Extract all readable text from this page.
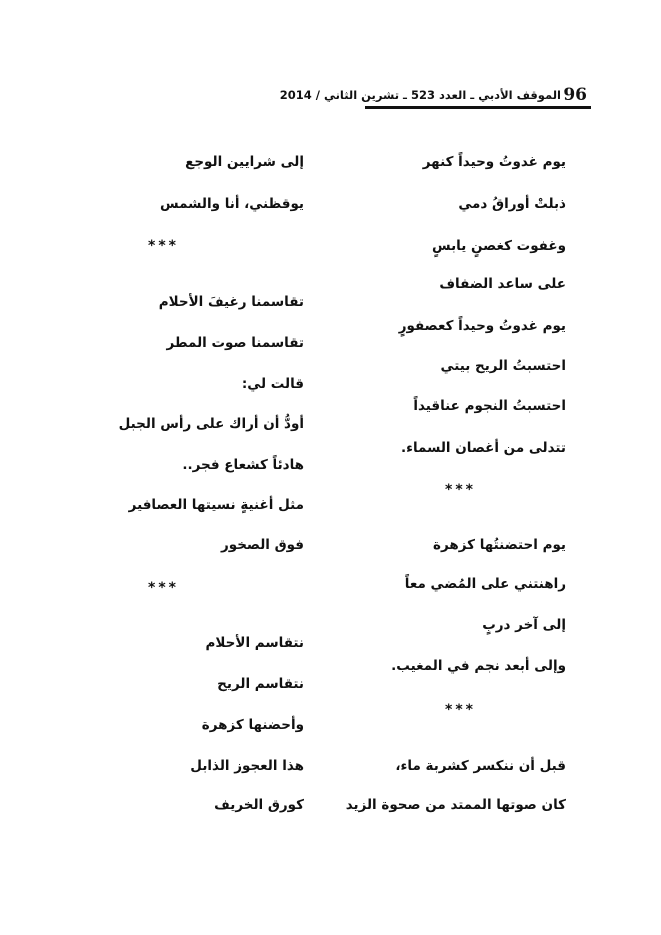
96
الموقف الأدبي ـ العدد 523 ـ تشرين الثاني / 2014
يوم غدوتُ وحيداً كنهر
ذبلتْ أوراقُ دمي
وغفوت كغصنٍ يابسٍ
على ساعد الضفاف
يوم غدوتُ وحيداً كعصفورٍ
احتسبتُ الريح بيتي
احتسبتُ النجوم عناقيداً
تتدلى من أغصان السماء.
***
يوم احتضنتُها كزهرة
راهنتني على المُضي معاً
إلى آخر دربٍ
وإلى أبعد نجم في المغيب.
***
قبل أن ننكسر كشربة ماء،
كان صوتها الممتد من صحوة الزيد
إلى شرايين الوجع
يوقظني، أنا والشمس
***
تقاسمنا رغيفَ الأحلام
تقاسمنا صوت المطر
قالت لي:
أودُّ أن أراك على رأس الجبل
هادئاً كشعاع فجر..
مثل أغنيةٍ نسيتها العصافير
فوق الصخور
***
نتقاسم الأحلام
نتقاسم الريح
وأحضنها كزهرة
هذا العجوز الذابل
كورق الخريف
